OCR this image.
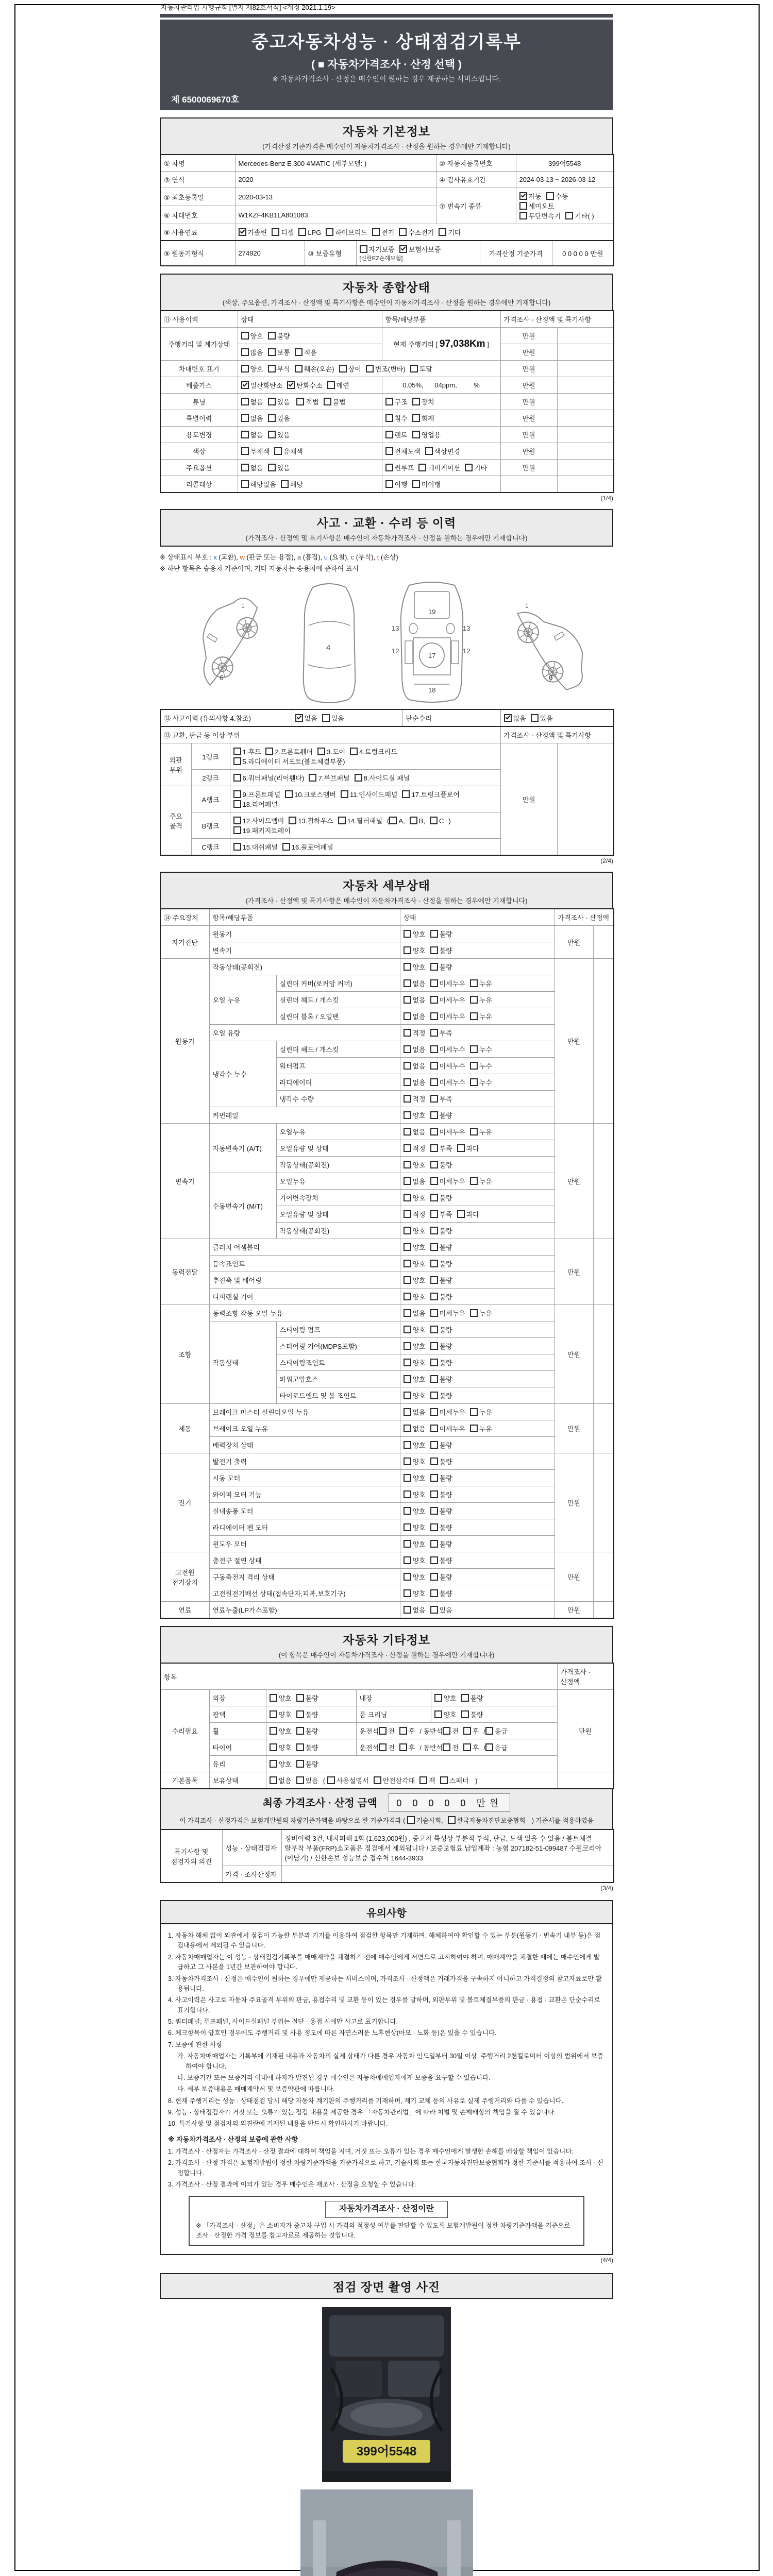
자동차관리법 시행규칙 [별지 제82호서식] <개정 2021.1.19>
중고자동차성능 · 상태점검기록부
( ■ 자동차가격조사 · 산정 선택 )
※ 자동차가격조사 · 산정은 매수인이 원하는 경우 제공하는 서비스입니다.
제 6500069670호
자동차 기본정보
(가격산정 기준가격은 매수인이 자동차가격조사 · 산정을 원하는 경우에만 기재합니다)
① 차명	Mercedes-Benz E 300 4MATIC (세부모델: )	② 자동차등록번호	399어5548
③ 연식	2020	④ 검사유효기간	2024-03-13 ~ 2026-03-12
⑤ 최초등록일	2020-03-13	⑦ 변속기 종류	자동 수동세미오토
무단변속기 기타( )
⑥ 차대번호	W1KZF4KB1LA801083		
⑧ 사용연료	가솔린 디젤 LPG 하이브리드 전기 수소전기 기타		
⑨ 원동기형식	274920	⑩ 보증유형	자기보증 보험사보증[신한EZ손해보험]	가격산정 기준가격	0 0 0 0 0 만원
자동차 종합상태
(색상, 주요옵션, 가격조사 · 산정액 및 특기사항은 매수인이 자동차가격조사 · 산정을 원하는 경우에만 기재합니다)
⑪ 사용이력	상태	항목/해당부품	가격조사 · 산정액 및 특기사항	
주행거리 및 계기상태	양호 불량	현재 주행거리 [ 97,038Km ]	만원	
	많음 보통 적음		만원	
차대번호 표기	양호 부식 훼손(오손) 상이 변조(변타) 도말		만원	
배출가스	일산화탄소 탄화수소 매연	0.05%,      04ppm,         %	만원	
튜닝	없음 있음 적법 불법	구조 장치	만원	
특별이력	없음 있음	침수 화재	만원	
용도변경	없음 있음	렌트 영업용	만원	
색상	무채색 유채색	전체도색 색상변경	만원	
주요옵션	없음 있음	썬루프 네비게이션 기타	만원	
리콜대상	해당없음 해당	이행 미이행		
(1/4)
사고 · 교환 · 수리 등 이력
(가격조사 · 산정액 및 특기사항은 매수인이 자동차가격조사 · 산정을 원하는 경우에만 기재합니다)
※ 상태표시 부호 : x (교환), w (판금 또는 용접), a (흠집), u (요철), c (부식), t (손상)
※ 하단 항목은 승용차 기준이며, 기타 자동차는 승용차에 준하여 표시
6
1
4
13	13
12	12
17
19
18
6
1
⑫ 사고이력 (유의사항 4.참조)	없음 있음	단순수리	없음 있음
⑬ 교환, 판금 등 이상 부위			가격조사 · 산정액 및 특기사항	
외판 부위	1랭크	1.후드 2.프론트휀더 3.도어 4.트렁크리드
5.라디에이터 서포트(볼트체결부품)	만원	
	2랭크	6.쿼터패널(리어휀다) 7.루브패널 8.사이드실 패널		
주요 골격	A랭크	9.프론트패널 10.크로스멤버 11.인사이드패널 17.트렁크플로어
18.리어패널		
	B랭크	12.사이드멤버 13.휠하우스 14.필러패널 ( A, B, C )
19.패키지트레이		
	C랭크	15.대쉬패널 16.플로어패널		
(2/4)
자동차 세부상태
(가격조사 · 산정액 및 특기사항은 매수인이 자동차가격조사 · 산정을 원하는 경우에만 기재합니다)
⑭ 주요장치	항목/해당부품		상태	가격조사 · 산정액	
자기진단	원동기		양호 불량	만원	
	변속기		양호 불량		
원동기	작동상태(공회전)		양호 불량	만원	
	오일 누유	실린더 커버(로커암 커버)	없음 미세누유 누유		
		실린더 헤드 / 개스킷	없음 미세누유 누유		
		실린더 블록 / 오일팬	없음 미세누유 누유		
	오일 유량		적정 부족		
	냉각수 누수	실린더 헤드 / 개스킷	없음 미세누수 누수		
		워터펌프	없음 미세누수 누수		
		라디에이터	없음 미세누수 누수		
		냉각수 수량	적정 부족		
	커먼레일		양호 불량		
변속기	자동변속기 (A/T)	오일누유	없음 미세누유 누유	만원	
		오일유량 및 상태	적정 부족 과다		
		작동상태(공회전)	양호 불량		
	수동변속기 (M/T)	오일누유	없음 미세누유 누유		
		기어변속장치	양호 불량		
		오일유량 및 상태	적정 부족 과다		
		작동상태(공회전)	양호 불량		
동력전달	클러치 어셈블리		양호 불량	만원	
	등속죠인트		양호 불량		
	추진축 및 베어링		양호 불량		
	디퍼렌셜 기어		양호 불량		
조향	동력조향 작동 오일 누유		없음 미세누유 누유	만원	
	작동상태	스티어링 펌프	양호 불량		
		스티어링 기어(MDPS포함)	양호 불량		
		스티어링조인트	양호 불량		
		파워고압호스	양호 불량		
		타이로드엔드 및 볼 조인트	양호 불량		
제동	브레이크 마스터 실린더오일 누유		없음 미세누유 누유	만원	
	브레이크 오일 누유		없음 미세누유 누유		
	배력장치 상태		양호 불량		
전기	발전기 출력		양호 불량	만원	
	시동 모터		양호 불량		
	와이퍼 모터 기능		양호 불량		
	실내송풍 모터		양호 불량		
	라디에이터 팬 모터		양호 불량		
	윈도우 모터		양호 불량		
고전원 전기장치	충전구 절연 상태		양호 불량	만원	
	구동축전지 격리 상태		양호 불량		
	고전원전기배선 상태(접속단자,피복,보호기구)		양호 불량		
연료	연료누출(LP가스포함)		없음 있음	만원	
자동차 기타정보
(이 항목은 매수인이 자동차가격조사 · 산정을 원하는 경우에만 기재합니다)
항목					가격조사 · 산정액
수리필요	외장	양호 불량	내장	양호 불량	만원
	광택	양호 불량	룸 크리닝	양호 불량	
	휠	양호 불량	운전석 전 후 / 동반석 전 후 / 응급		
	타이어	양호 불량	운전석 전 후 / 동반석 전 후 / 응급		
	유리	양호 불량			
기본품목	보유상태	없음 있음 ( 사용설명서 안전삼각대 잭 스패너 )			
최종 가격조사 · 산정 금액 0 0 0 0 0 만원
이 가격조사 · 산정가격은 보험개발원의 차량기준가액을 바탕으로 한 기준가격과 ( 기술사회, 한국자동차진단보증협회 ) 기준서를 적용하였음
특기사항 및 점검자의 의견	성능 · 상태점검자	정비이력 3건, 내차피해 1회 (1,623,000원) , 중고차 특성상 부분적 부식, 판금, 도색 있을 수 있음 / 볼트체결 탈부착 부품(FRP)소모품은 점검에서 제외됩니다 / 보증보험료 납입계좌 : 농협 207182-51-099487 수원코리아(이남기) / 신한손보 성능보증 접수처 1644-3933
	가격 · 조사산정자	
(3/4)
유의사항
1. 자동차 해체 없이 외관에서 점검이 가능한 부분과 기기를 이용하여 점검한 항목만 기재하며, 해체하여야 확인할 수 있는 부분(원동기 · 변속기 내부 등)은 점검내용에서 제외될 수 있습니다.
2. 자동차매매업자는 이 성능 · 상태점검기록부를 매매계약을 체결하기 전에 매수인에게 서면으로 고지하여야 하며, 매매계약을 체결한 때에는 매수인에게 발급하고 그 사본을 1년간 보관하여야 합니다.
3. 자동차가격조사 · 산정은 매수인이 원하는 경우에만 제공하는 서비스이며, 가격조사 · 산정액은 거래가격을 구속하지 아니하고 가격결정의 참고자료로만 활용됩니다.
4. 사고이력은 사고로 자동차 주요골격 부위의 판금, 용접수리 및 교환 등이 있는 경우를 말하며, 외판부위 및 볼트체결부품의 판금 · 용접 · 교환은 단순수리로 표기합니다.
5. 쿼터패널, 루프패널, 사이드실패널 부위는 절단 · 용접 시에만 사고로 표기합니다.
6. 체크항목이 양호인 경우에도 주행거리 및 사용 정도에 따른 자연스러운 노후현상(마모 · 노화 등)은 있을 수 있습니다.
7. 보증에 관한 사항
가. 자동차매매업자는 기록부에 기재된 내용과 자동차의 실제 상태가 다른 경우 자동차 인도일부터 30일 이상, 주행거리 2천킬로미터 이상의 범위에서 보증하여야 합니다.
나. 보증기간 또는 보증거리 이내에 하자가 발견된 경우 매수인은 자동차매매업자에게 보증을 요구할 수 있습니다.
다. 세부 보증내용은 매매계약서 및 보증약관에 따릅니다.
8. 현재 주행거리는 성능 · 상태점검 당시 해당 자동차 계기판의 주행거리를 기재하며, 계기 교체 등의 사유로 실제 주행거리와 다를 수 있습니다.
9. 성능 · 상태점검자가 거짓 또는 오류가 있는 점검 내용을 제공한 경우 「자동차관리법」에 따라 처벌 및 손해배상의 책임을 질 수 있습니다.
10. 특기사항 및 점검자의 의견란에 기재된 내용을 반드시 확인하시기 바랍니다.
※ 자동차가격조사 · 산정의 보증에 관한 사항
1. 가격조사 · 산정자는 가격조사 · 산정 결과에 대하여 책임을 지며, 거짓 또는 오류가 있는 경우 매수인에게 발생한 손해를 배상할 책임이 있습니다.
2. 가격조사 · 산정 가격은 보험개발원이 정한 차량기준가액을 기준가격으로 하고, 기술사회 또는 한국자동차진단보증협회가 정한 기준서를 적용하여 조사 · 산정합니다.
3. 가격조사 · 산정 결과에 이의가 있는 경우 매수인은 재조사 · 산정을 요청할 수 있습니다.
자동차가격조사 · 산정이란
※ 「가격조사 · 산정」은 소비자가 중고차 구입 시 가격의 적정성 여부를 판단할 수 있도록 보험개발원이 정한 차량기준가액을 기준으로 조사 · 산정한 가격 정보를 참고자료로 제공하는 것입니다.
(4/4)
점검 장면 촬영 사진
399어5548
